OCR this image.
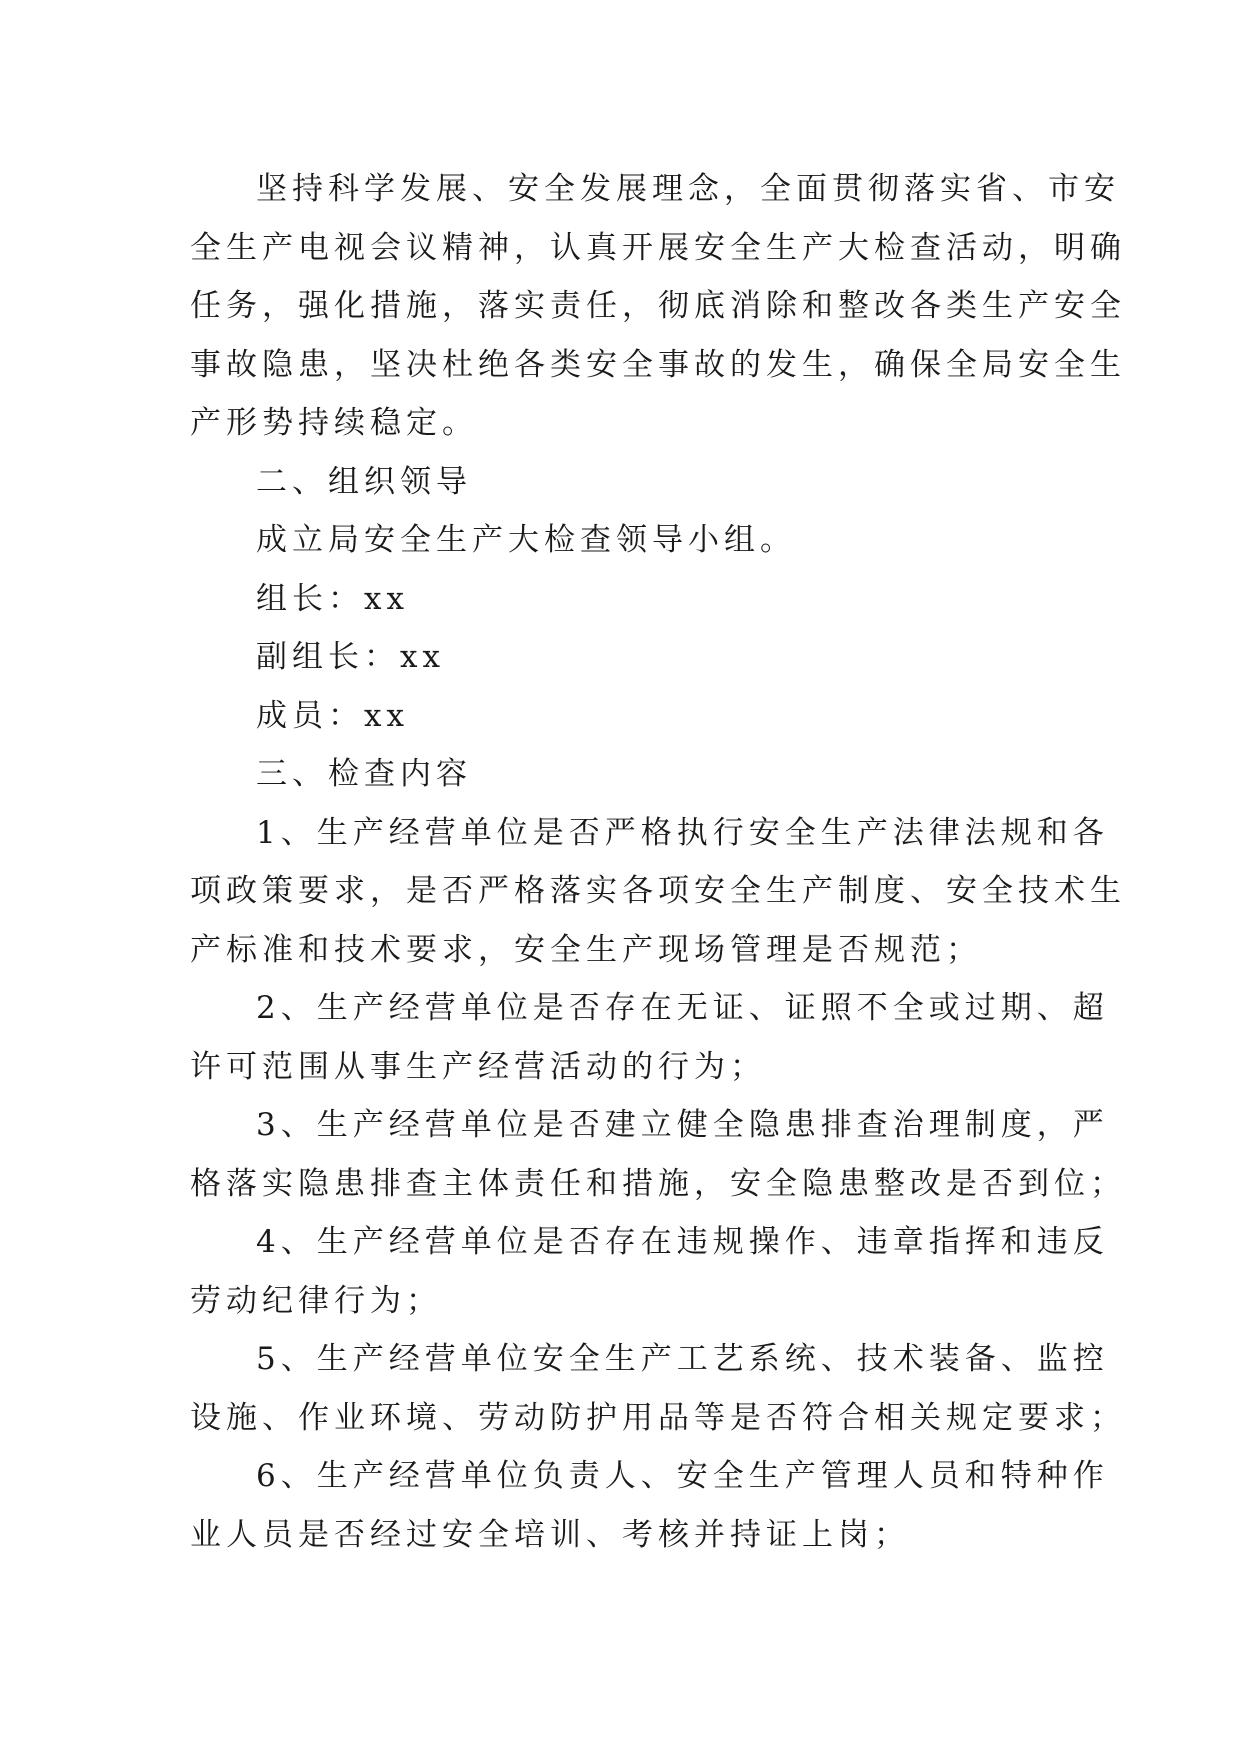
坚持科学发展、安全发展理念，全面贯彻落实省、市安
全生产电视会议精神，认真开展安全生产大检查活动，明确
任务，强化措施，落实责任，彻底消除和整改各类生产安全
事故隐患，坚决杜绝各类安全事故的发生，确保全局安全生
产形势持续稳定。
二、组织领导
成立局安全生产大检查领导小组。
组长：xx
副组长：xx
成员：xx
三、检查内容
1、生产经营单位是否严格执行安全生产法律法规和各
项政策要求，是否严格落实各项安全生产制度、安全技术生
产标准和技术要求，安全生产现场管理是否规范；
2、生产经营单位是否存在无证、证照不全或过期、超
许可范围从事生产经营活动的行为；
3、生产经营单位是否建立健全隐患排查治理制度，严
格落实隐患排查主体责任和措施，安全隐患整改是否到位；
4、生产经营单位是否存在违规操作、违章指挥和违反
劳动纪律行为；
5、生产经营单位安全生产工艺系统、技术装备、监控
设施、作业环境、劳动防护用品等是否符合相关规定要求；
6、生产经营单位负责人、安全生产管理人员和特种作
业人员是否经过安全培训、考核并持证上岗；
